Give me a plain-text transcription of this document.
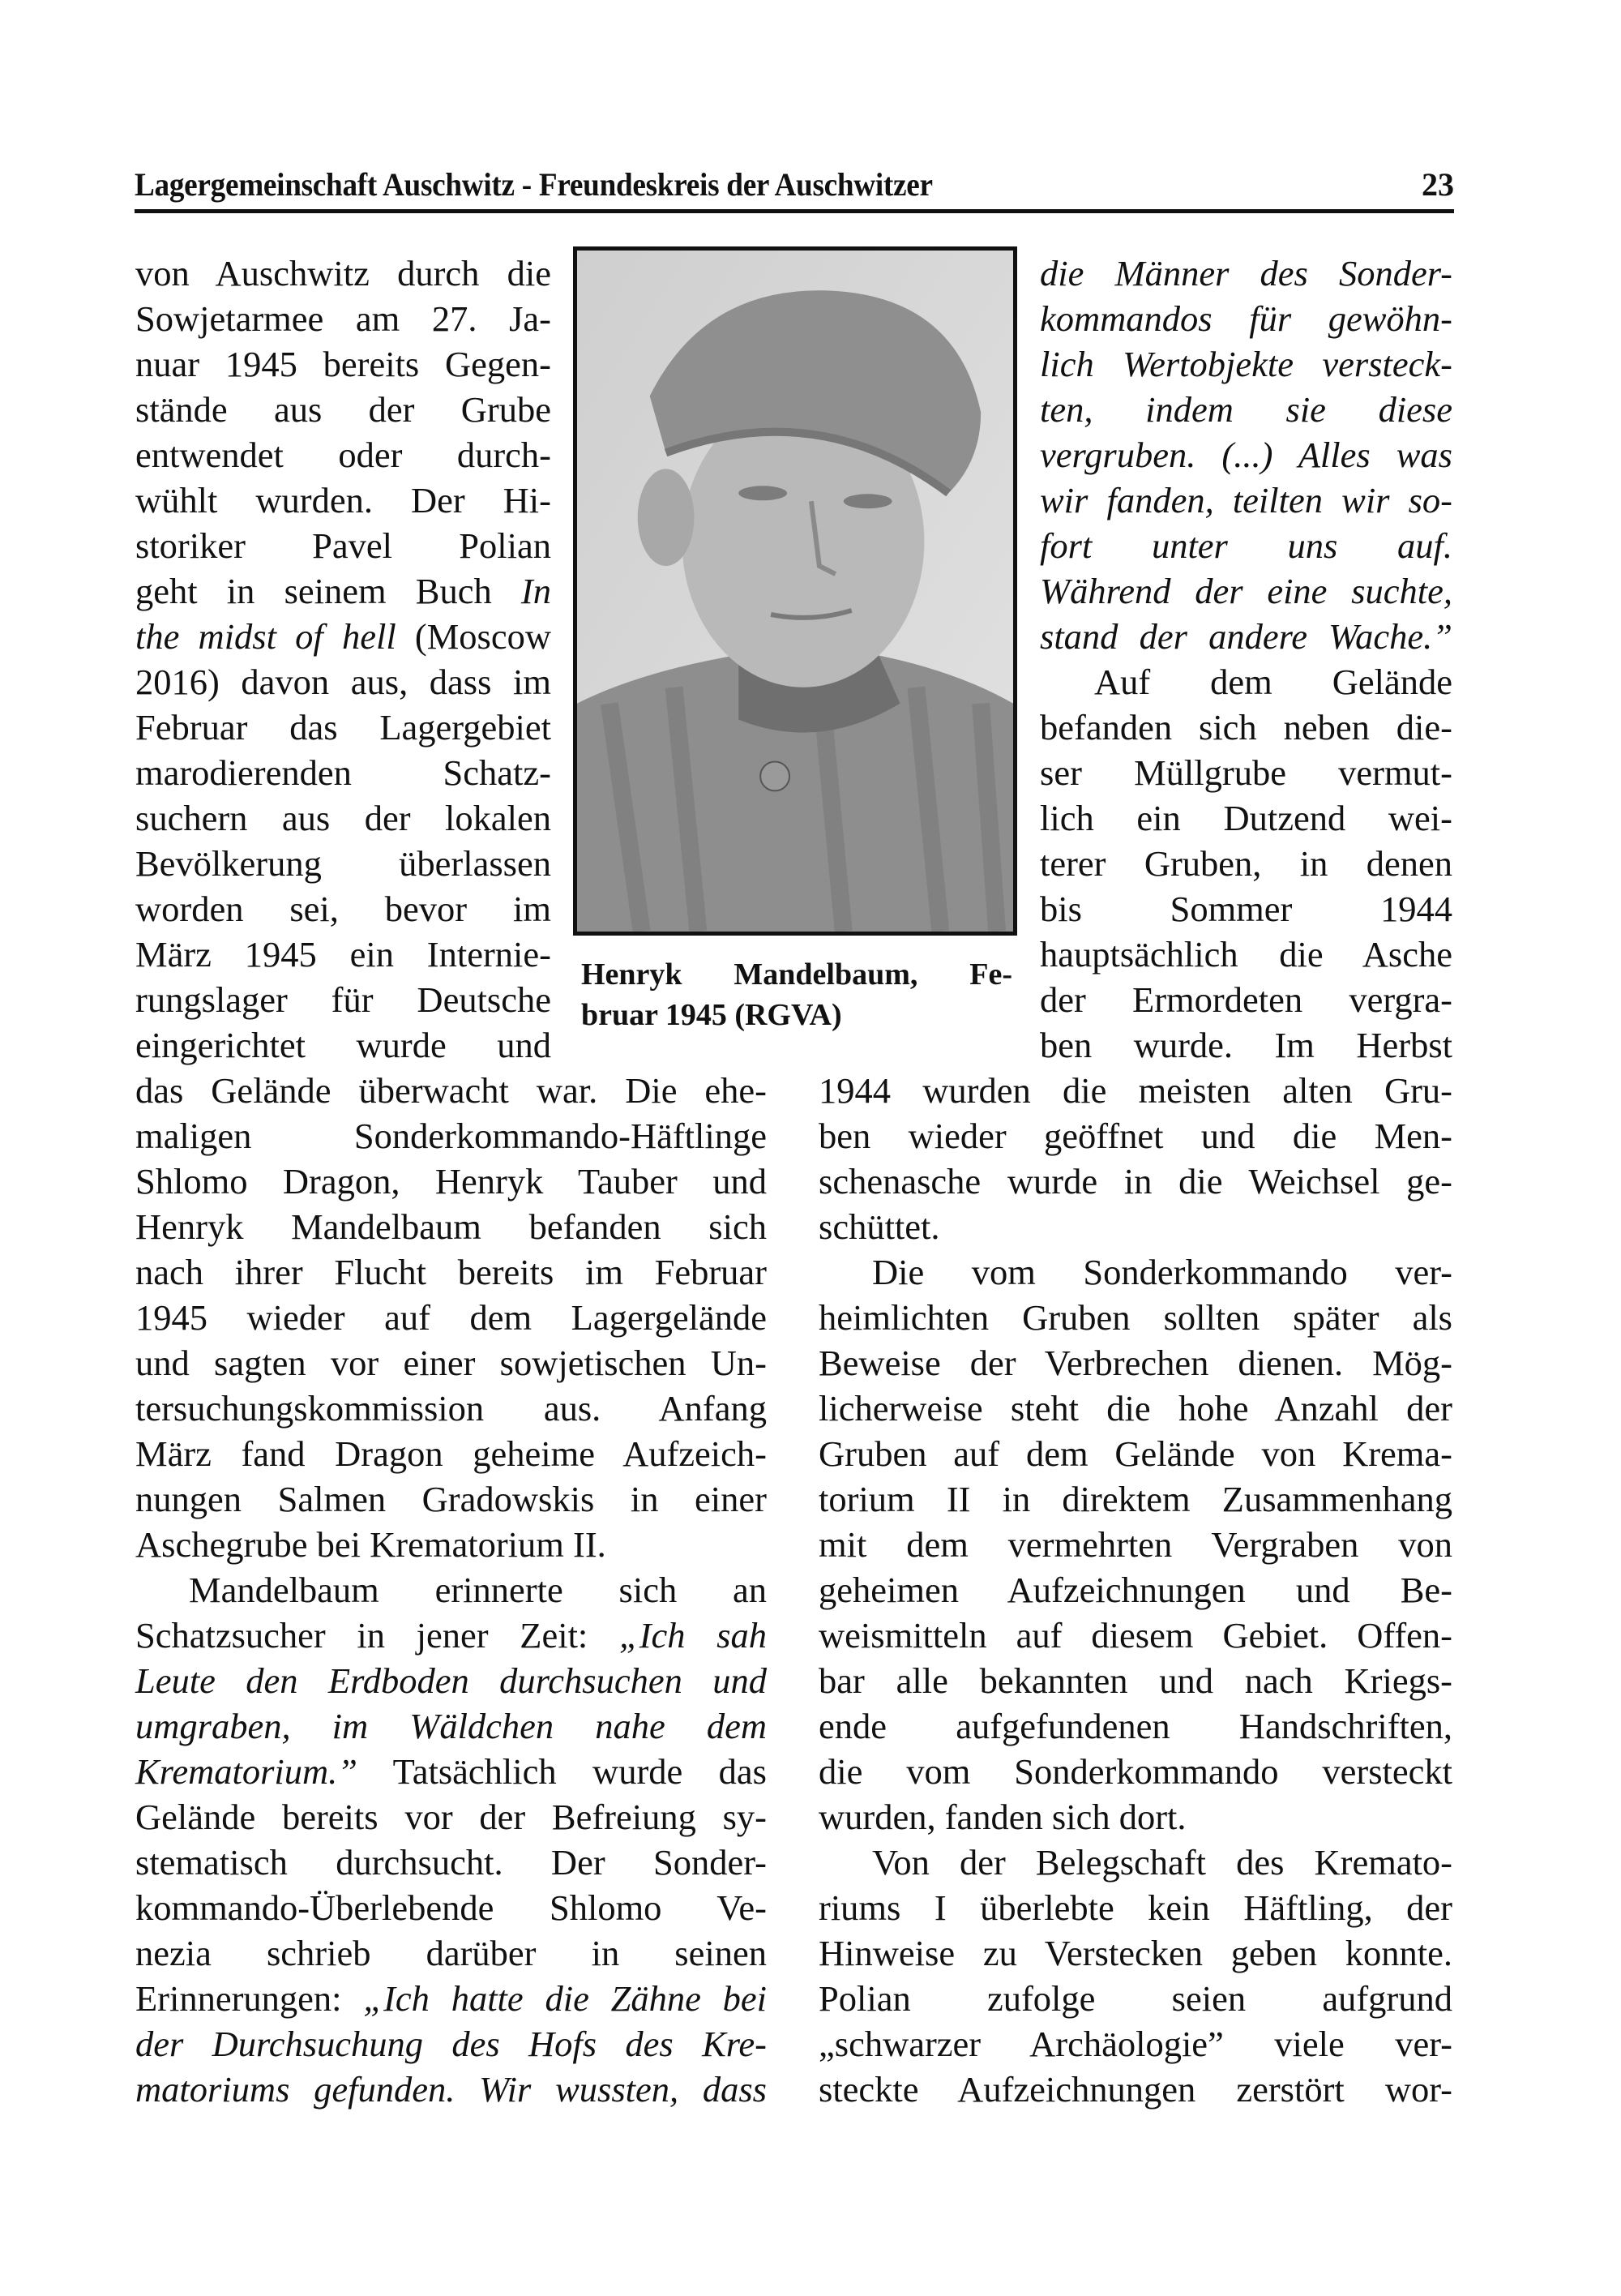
Lagergemeinschaft Auschwitz - Freundeskreis der Auschwitzer	23
Henryk Mandelbaum, Fe-
bruar 1945 (RGVA)
von Auschwitz durch die
Sowjetarmee am 27. Ja-
nuar 1945 bereits Gegen-
stände aus der Grube
entwendet oder durch-
wühlt wurden. Der Hi-
storiker Pavel Polian
geht in seinem Buch In
the midst of hell (Moscow
2016) davon aus, dass im
Februar das Lagergebiet
marodierenden Schatz-
suchern aus der lokalen
Bevölkerung überlassen
worden sei, bevor im
März 1945 ein Internie-
rungslager für Deutsche
eingerichtet wurde und
das Gelände überwacht war. Die ehe-
maligen Sonderkommando-Häftlinge
Shlomo Dragon, Henryk Tauber und
Henryk Mandelbaum befanden sich
nach ihrer Flucht bereits im Februar
1945 wieder auf dem Lagergelände
und sagten vor einer sowjetischen Un-
tersuchungskommission aus. Anfang
März fand Dragon geheime Aufzeich-
nungen Salmen Gradowskis in einer
Aschegrube bei Krematorium II.
Mandelbaum erinnerte sich an
Schatzsucher in jener Zeit: „Ich sah
Leute den Erdboden durchsuchen und
umgraben, im Wäldchen nahe dem
Krematorium.” Tatsächlich wurde das
Gelände bereits vor der Befreiung sy-
stematisch durchsucht. Der Sonder-
kommando-Überlebende Shlomo Ve-
nezia schrieb darüber in seinen
Erinnerungen: „Ich hatte die Zähne bei
der Durchsuchung des Hofs des Kre-
matoriums gefunden. Wir wussten, dass
die Männer des Sonder-
kommandos für gewöhn-
lich Wertobjekte versteck-
ten, indem sie diese
vergruben. (...) Alles was
wir fanden, teilten wir so-
fort unter uns auf.
Während der eine suchte,
stand der andere Wache.”
Auf dem Gelände
befanden sich neben die-
ser Müllgrube vermut-
lich ein Dutzend wei-
terer Gruben, in denen
bis Sommer 1944
hauptsächlich die Asche
der Ermordeten vergra-
ben wurde. Im Herbst
1944 wurden die meisten alten Gru-
ben wieder geöffnet und die Men-
schenasche wurde in die Weichsel ge-
schüttet.
Die vom Sonderkommando ver-
heimlichten Gruben sollten später als
Beweise der Verbrechen dienen. Mög-
licherweise steht die hohe Anzahl der
Gruben auf dem Gelände von Krema-
torium II in direktem Zusammenhang
mit dem vermehrten Vergraben von
geheimen Aufzeichnungen und Be-
weismitteln auf diesem Gebiet. Offen-
bar alle bekannten und nach Kriegs-
ende aufgefundenen Handschriften,
die vom Sonderkommando versteckt
wurden, fanden sich dort.
Von der Belegschaft des Kremato-
riums I überlebte kein Häftling, der
Hinweise zu Verstecken geben konnte.
Polian zufolge seien aufgrund
„schwarzer Archäologie” viele ver-
steckte Aufzeichnungen zerstört wor-
